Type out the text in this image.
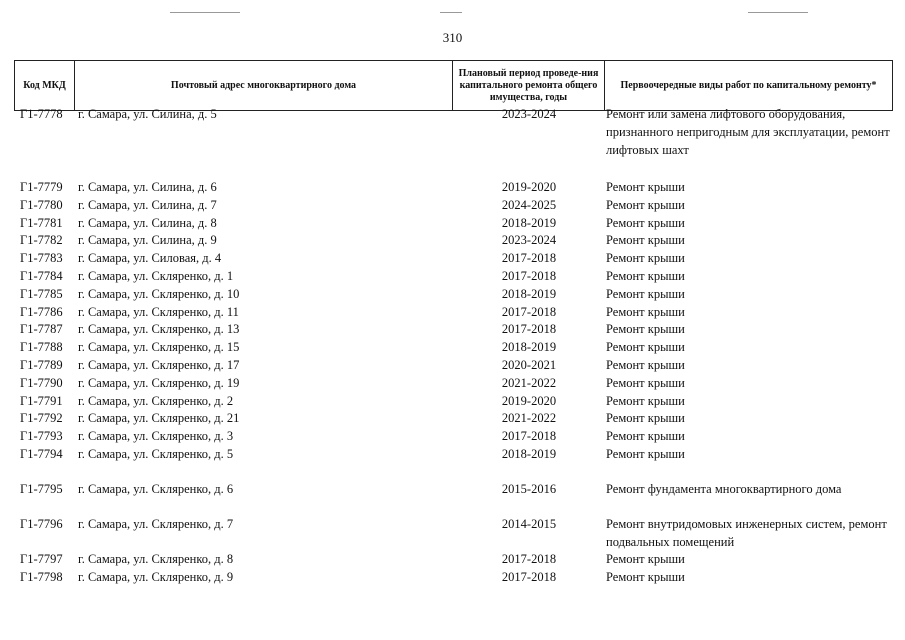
310
Код МКД	Почтовый адрес многоквартирного дома	Плановый период проведе-ния капитального ремонта общего имущества, годы	Первоочередные виды работ по капитальному ремонту*
Г1-7778 г. Самара, ул. Силина, д. 5	2023-2024	Ремонт или замена лифтового оборудования, признанного непригодным для эксплуатации, ремонт лифтовых шахт
Г1-7779 г. Самара, ул. Силина, д. 6	2019-2020	Ремонт крыши
Г1-7780 г. Самара, ул. Силина, д. 7	2024-2025	Ремонт крыши
Г1-7781 г. Самара, ул. Силина, д. 8	2018-2019	Ремонт крыши
Г1-7782 г. Самара, ул. Силина, д. 9	2023-2024	Ремонт крыши
Г1-7783 г. Самара, ул. Силовая, д. 4	2017-2018	Ремонт крыши
Г1-7784 г. Самара, ул. Скляренко, д. 1	2017-2018	Ремонт крыши
Г1-7785 г. Самара, ул. Скляренко, д. 10	2018-2019	Ремонт крыши
Г1-7786 г. Самара, ул. Скляренко, д. 11	2017-2018	Ремонт крыши
Г1-7787 г. Самара, ул. Скляренко, д. 13	2017-2018	Ремонт крыши
Г1-7788 г. Самара, ул. Скляренко, д. 15	2018-2019	Ремонт крыши
Г1-7789 г. Самара, ул. Скляренко, д. 17	2020-2021	Ремонт крыши
Г1-7790 г. Самара, ул. Скляренко, д. 19	2021-2022	Ремонт крыши
Г1-7791 г. Самара, ул. Скляренко, д. 2	2019-2020	Ремонт крыши
Г1-7792 г. Самара, ул. Скляренко, д. 21	2021-2022	Ремонт крыши
Г1-7793 г. Самара, ул. Скляренко, д. 3	2017-2018	Ремонт крыши
Г1-7794 г. Самара, ул. Скляренко, д. 5	2018-2019	Ремонт крыши
Г1-7795 г. Самара, ул. Скляренко, д. 6	2015-2016	Ремонт фундамента многоквартирного дома
Г1-7796 г. Самара, ул. Скляренко, д. 7	2014-2015	Ремонт внутридомовых инженерных систем, ремонт подвальных помещений
Г1-7797 г. Самара, ул. Скляренко, д. 8	2017-2018	Ремонт крыши
Г1-7798 г. Самара, ул. Скляренко, д. 9	2017-2018	Ремонт крыши
